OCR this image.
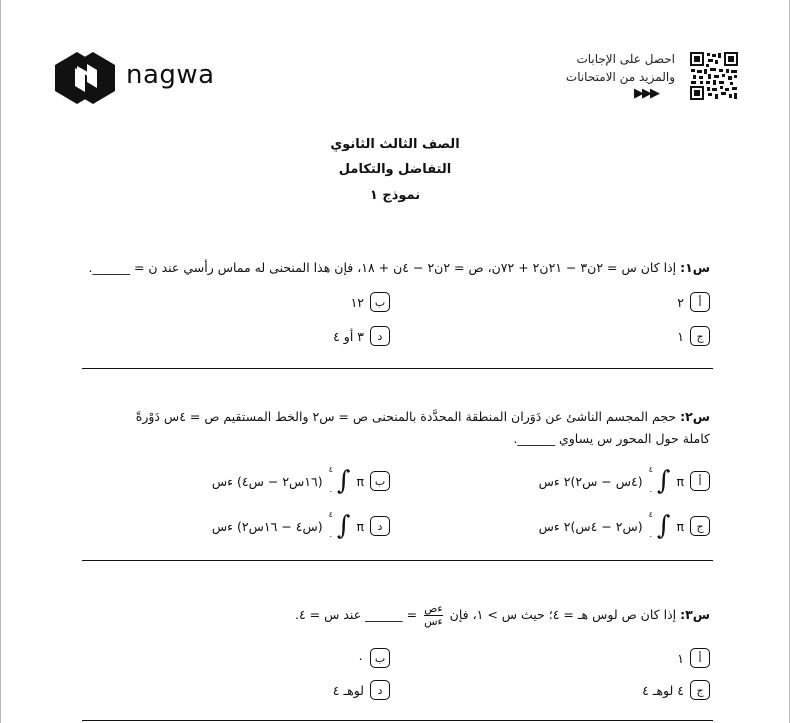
nagwa
احصل على الإجابات
والمزيد من الامتحانات
▶▶▶
الصف الثالث الثانوي
التفاضل والتكامل
نموذج ١
س١: إذا كان س = ٢ن٣ − ٢١ن٢ + ٧٢ن، ص = ٢ن٢ − ٤ن + ١٨، فإن هذا المنحنى له مماس رأسي عند ن = ______.
أ
٢
ب
١٢
ج
١
د
٣ أو ٤
س٢: حجم المجسم الناشئ عن دَوَران المنطقة المحدَّدة بالمنحنى ص = س٢ والخط المستقيم ص = ٤س دَوْرةً
كاملة حول المحور س يساوي ______.
أ
π
∫
٤
٠
(٤س − س٢)٢ ءس
ب
π
∫
٤
٠
(١٦س٢ − س٤) ءس
ج
π
∫
٤
٠
(س٢ − ٤س)٢ ءس
د
π
∫
٤
٠
(س٤ − ١٦س٢) ءس
س٣: إذا كان ص لوس هـ = ٤؛ حيث س > ١، فإن
$\frac{\text{ءص}}{\text{ءس}}$
= ______ عند س = ٤.
أ
١
ب
٠
ج
٤ لوهـ ٤
د
لوهـ ٤
